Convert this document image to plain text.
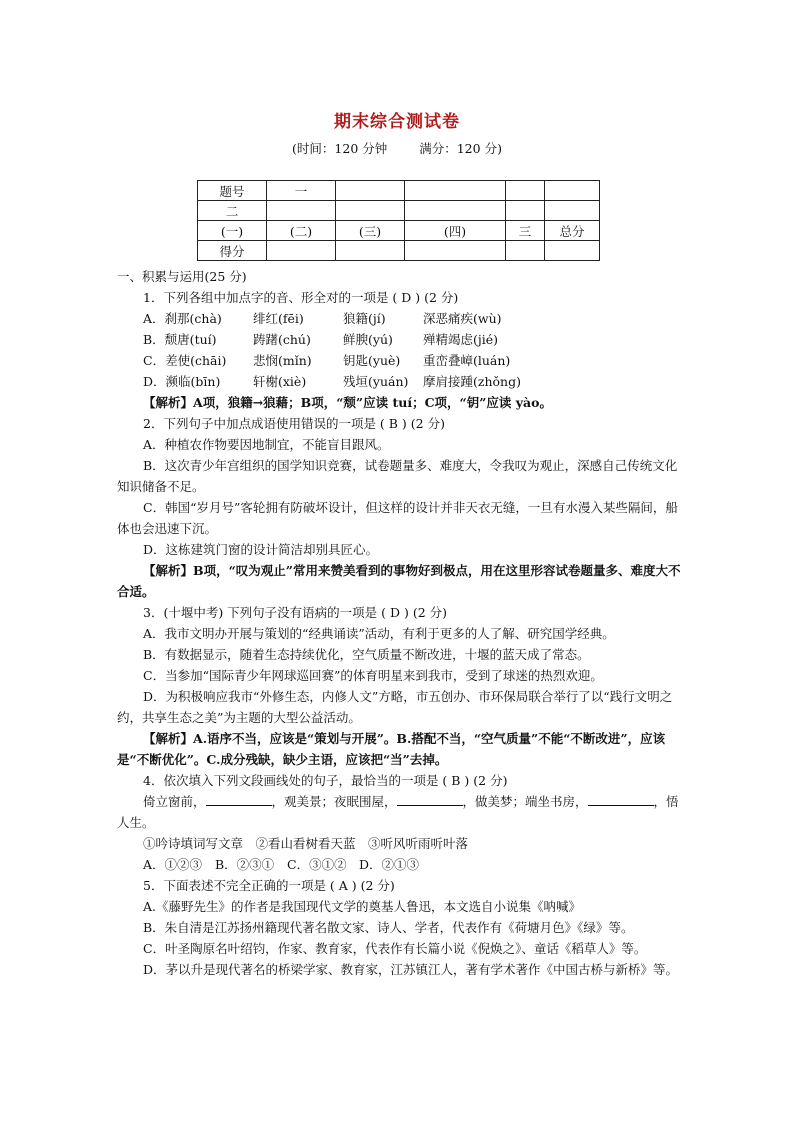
期末综合测试卷
(时间：120 分钟	满分：120 分)
题号	一				
二					
(一)	(二)	(三)	(四)	三	总分
得分					

一、积累与运用(25 分)

1．下列各组中加点字的音、形全对的一项是 ( D ) (2 分)

A．刹那(chà)	绯红(fēi)	狼籍(jí)	深恶痛疾(wù)
B．颓唐(tuí)	踌躇(chú)	鲜腴(yú)	殚精竭虑(jié)
C．差使(chāi)	悲悯(mǐn)	钥匙(yuè)	重峦叠嶂(luán)
D．濒临(bīn)	轩榭(xiè)	残垣(yuán)	摩肩接踵(zhǒng)

【解析】A项，狼籍→狼藉；B项，“颓”应读 tuí；C项，“钥”应读 yào。

2．下列句子中加点成语使用错误的一项是 ( B ) (2 分)

A．种植农作物要因地制宜，不能盲目跟风。

B．这次青少年宫组织的国学知识竞赛，试卷题量多、难度大，令我叹为观止，深感自己传统文化知识储备不足。

C．韩国“岁月号”客轮拥有防破坏设计，但这样的设计并非天衣无缝，一旦有水漫入某些隔间，船体也会迅速下沉。

D．这栋建筑门窗的设计简洁却别具匠心。

【解析】B项，“叹为观止”常用来赞美看到的事物好到极点，用在这里形容试卷题量多、难度大不合适。

3．(十堰中考) 下列句子没有语病的一项是 ( D ) (2 分)

A．我市文明办开展与策划的“经典诵读”活动，有利于更多的人了解、研究国学经典。

B．有数据显示，随着生态持续优化，空气质量不断改进，十堰的蓝天成了常态。

C．当参加“国际青少年网球巡回赛”的体育明星来到我市，受到了球迷的热烈欢迎。

D．为积极响应我市“外修生态，内修人文”方略，市五创办、市环保局联合举行了以“践行文明之约，共享生态之美”为主题的大型公益活动。

【解析】A.语序不当，应该是“策划与开展”。B.搭配不当，“空气质量”不能“不断改进”，应该是“不断优化”。C.成分残缺，缺少主语，应该把“当”去掉。

4．依次填入下列文段画线处的句子，最恰当的一项是 ( B ) (2 分)

倚立窗前，	，观美景；夜眠围屋，	，做美梦；端坐书房，	，悟人生。

①吟诗填词写文章　②看山看树看天蓝　③听风听雨听叶落

A．①②③	B．②③①	C．③①② D．②①③

5．下面表述不完全正确的一项是 ( A ) (2 分)

A.《藤野先生》的作者是我国现代文学的奠基人鲁迅，本文选自小说集《呐喊》

B．朱自清是江苏扬州籍现代著名散文家、诗人、学者，代表作有《荷塘月色》《绿》等。

C．叶圣陶原名叶绍钧，作家、教育家，代表作有长篇小说《倪焕之》、童话《稻草人》等。

D．茅以升是现代著名的桥梁学家、教育家，江苏镇江人，著有学术著作《中国古桥与新桥》等。
